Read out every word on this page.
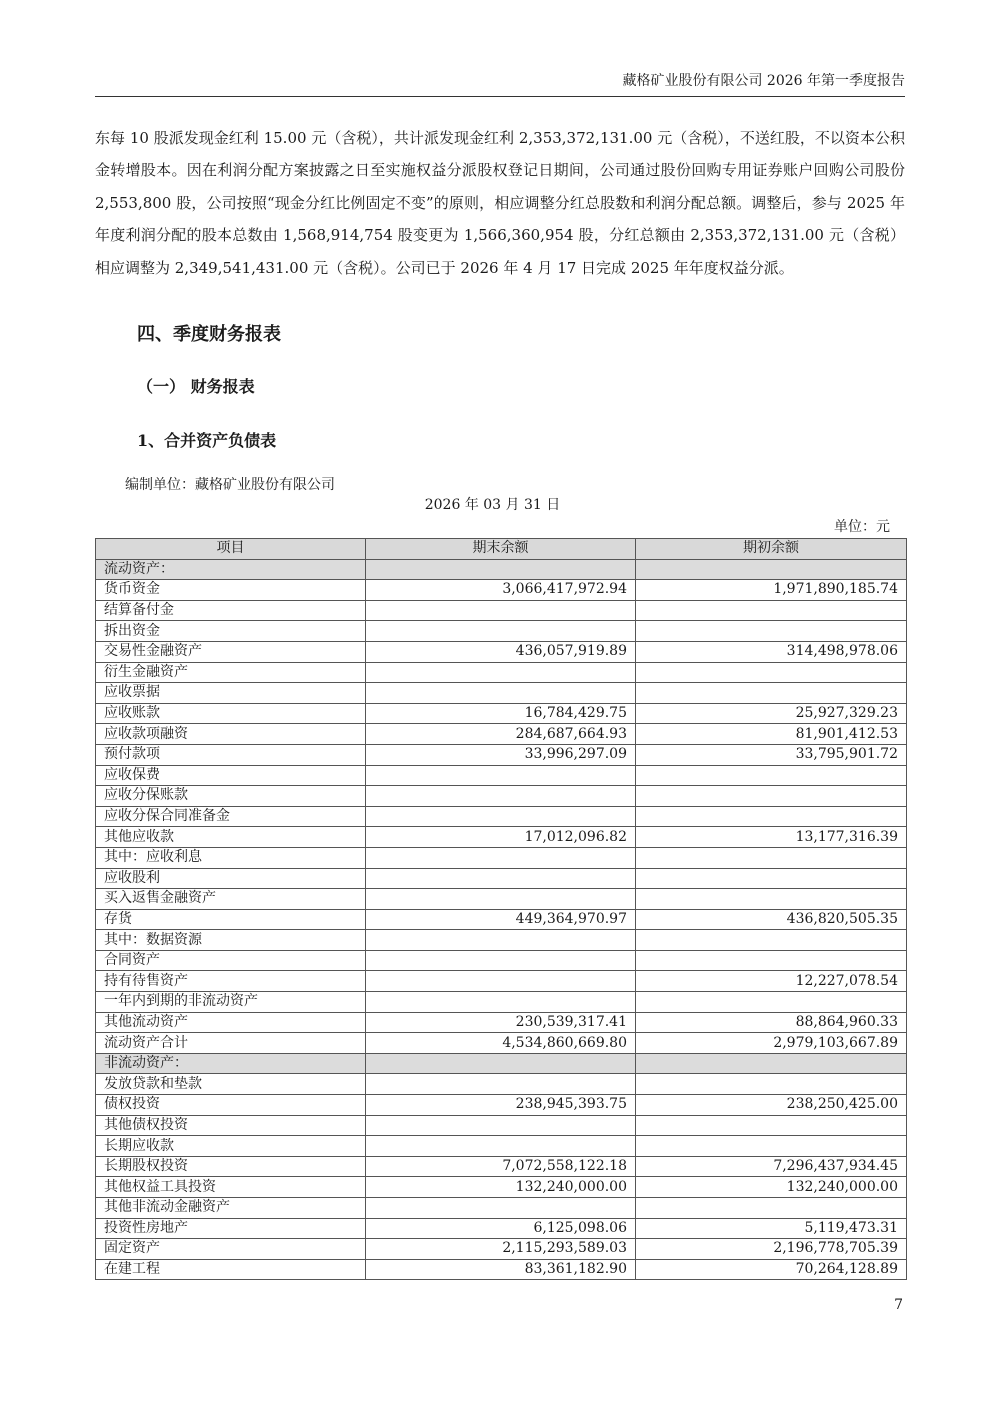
藏格矿业股份有限公司 2026 年第一季度报告

东每 10 股派发现金红利 15.00 元（含税），共计派发现金红利 2,353,372,131.00 元（含税），不送红股，不以资本公积金转增股本。因在利润分配方案披露之日至实施权益分派股权登记日期间，公司通过股份回购专用证券账户回购公司股份 2,553,800 股，公司按照“现金分红比例固定不变”的原则，相应调整分红总股数和利润分配总额。调整后，参与 2025 年年度利润分配的股本总数由 1,568,914,754 股变更为 1,566,360,954 股，分红总额由 2,353,372,131.00 元（含税）相应调整为 2,349,541,431.00 元（含税）。公司已于 2026 年 4 月 17 日完成 2025 年年度权益分派。

四、季度财务报表
（一） 财务报表
1、合并资产负债表
编制单位：藏格矿业股份有限公司
2026 年 03 月 31 日
单位：元
项目	期末余额	期初余额
流动资产：		
货币资金	3,066,417,972.94	1,971,890,185.74
结算备付金		
拆出资金		
交易性金融资产	436,057,919.89	314,498,978.06
衍生金融资产		
应收票据		
应收账款	16,784,429.75	25,927,329.23
应收款项融资	284,687,664.93	81,901,412.53
预付款项	33,996,297.09	33,795,901.72
应收保费		
应收分保账款		
应收分保合同准备金		
其他应收款	17,012,096.82	13,177,316.39
其中：应收利息		
应收股利		
买入返售金融资产		
存货	449,364,970.97	436,820,505.35
其中：数据资源		
合同资产		
持有待售资产		12,227,078.54
一年内到期的非流动资产		
其他流动资产	230,539,317.41	88,864,960.33
流动资产合计	4,534,860,669.80	2,979,103,667.89
非流动资产：		
发放贷款和垫款		
债权投资	238,945,393.75	238,250,425.00
其他债权投资		
长期应收款		
长期股权投资	7,072,558,122.18	7,296,437,934.45
其他权益工具投资	132,240,000.00	132,240,000.00
其他非流动金融资产		
投资性房地产	6,125,098.06	5,119,473.31
固定资产	2,115,293,589.03	2,196,778,705.39
在建工程	83,361,182.90	70,264,128.89
7
